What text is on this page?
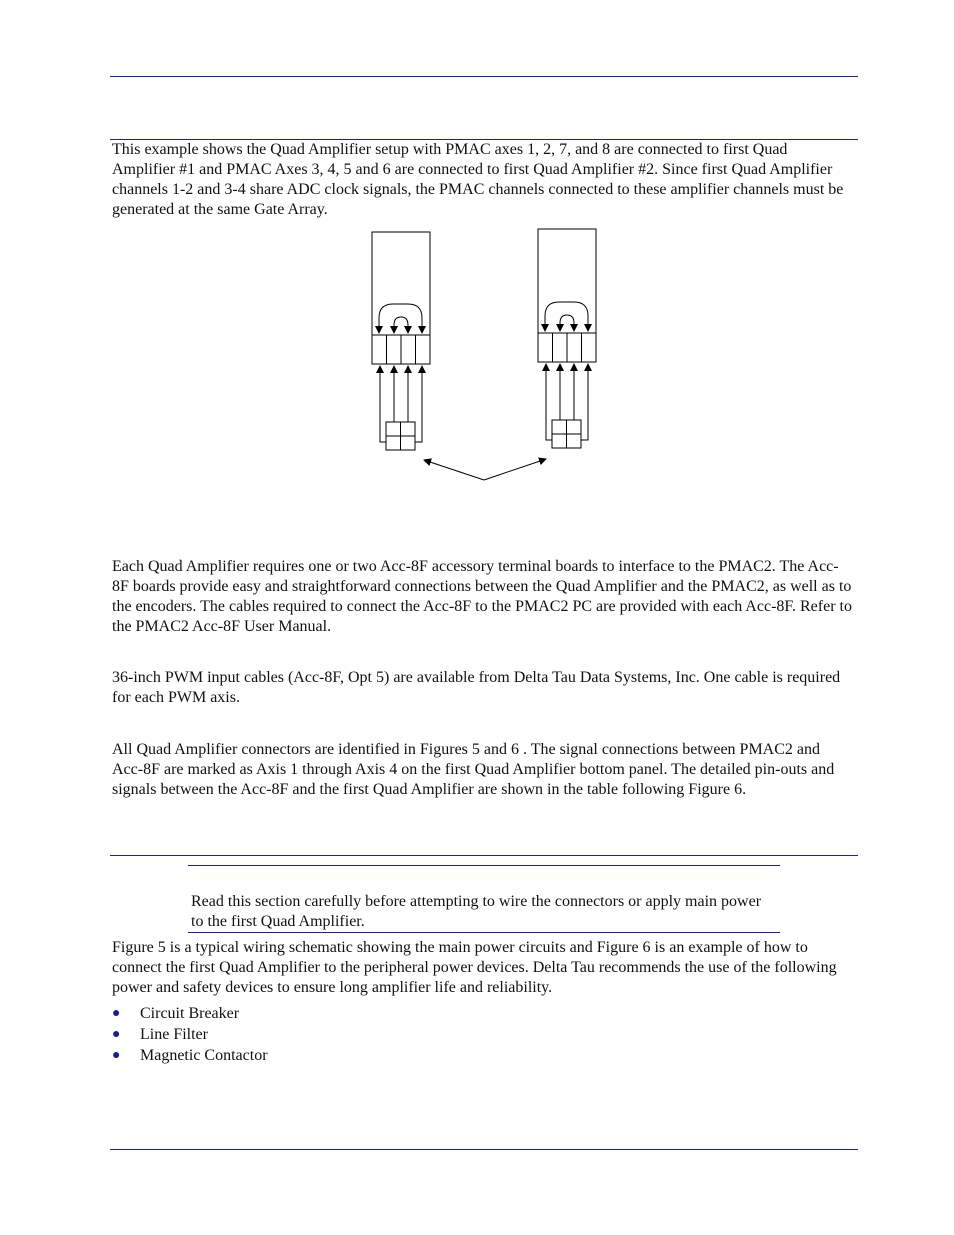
This example shows the Quad Amplifier setup with PMAC axes 1, 2, 7, and 8 are connected to first Quad Amplifier #1 and PMAC Axes 3, 4, 5 and 6 are connected to first Quad Amplifier #2. Since first Quad Amplifier channels 1-2 and 3-4 share ADC clock signals, the PMAC channels connected to these amplifier channels must be generated at the same Gate Array.

Each Quad Amplifier requires one or two Acc-8F accessory terminal boards to interface to the PMAC2. The Acc-8F boards provide easy and straightforward connections between the Quad Amplifier and the PMAC2, as well as to the encoders. The cables required to connect the Acc-8F to the PMAC2 PC are provided with each Acc-8F. Refer to the PMAC2 Acc-8F User Manual.

36-inch PWM input cables (Acc-8F, Opt 5) are available from Delta Tau Data Systems, Inc. One cable is required for each PWM axis.

All Quad Amplifier connectors are identified in Figures 5 and 6 . The signal connections between PMAC2 and Acc-8F are marked as Axis 1 through Axis 4 on the first Quad Amplifier bottom panel. The detailed pin-outs and signals between the Acc-8F and the first Quad Amplifier are shown in the table following Figure 6.

Read this section carefully before attempting to wire the connectors or apply main power to the first Quad Amplifier.

Figure 5 is a typical wiring schematic showing the main power circuits and Figure 6 is an example of how to connect the first Quad Amplifier to the peripheral power devices. Delta Tau recommends the use of the following power and safety devices to ensure long amplifier life and reliability.

● Circuit Breaker
● Line Filter
● Magnetic Contactor
